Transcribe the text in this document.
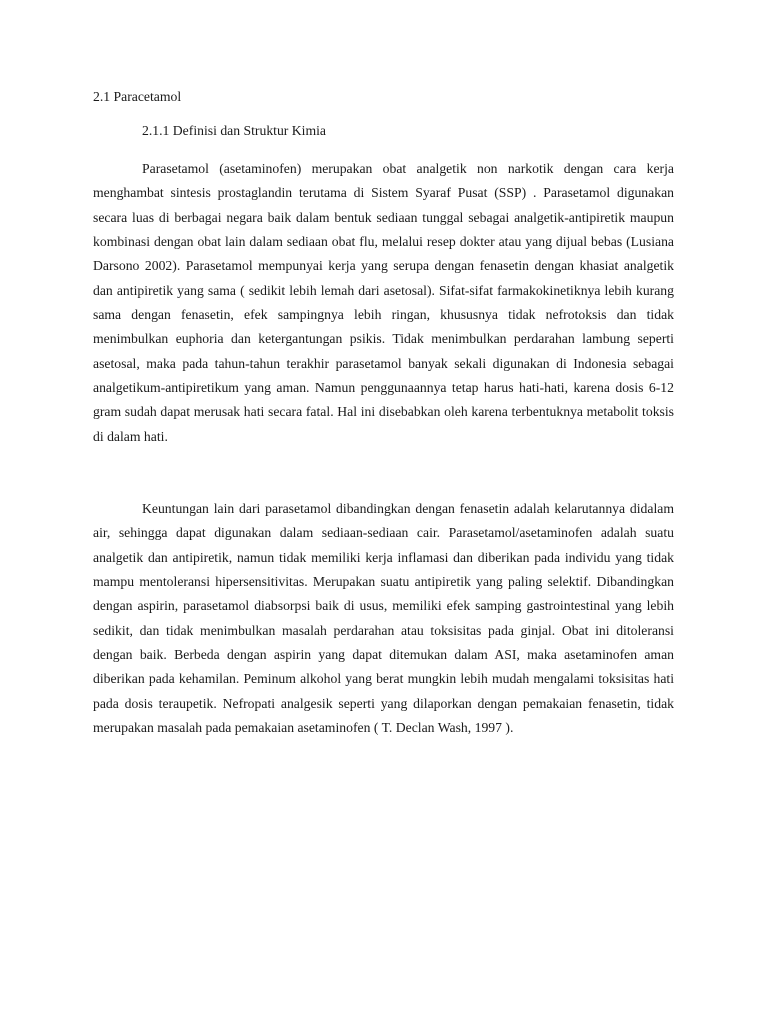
2.1 Paracetamol
2.1.1 Definisi dan Struktur Kimia

Parasetamol (asetaminofen) merupakan obat analgetik non narkotik dengan cara kerja menghambat sintesis prostaglandin terutama di Sistem Syaraf Pusat (SSP) . Parasetamol digunakan secara luas di berbagai negara baik dalam bentuk sediaan tunggal sebagai analgetik-antipiretik maupun kombinasi dengan obat lain dalam sediaan obat flu, melalui resep dokter atau yang dijual bebas (Lusiana Darsono 2002). Parasetamol mempunyai kerja yang serupa dengan fenasetin dengan khasiat analgetik dan antipiretik yang sama ( sedikit lebih lemah dari asetosal). Sifat-sifat farmakokinetiknya lebih kurang sama dengan fenasetin, efek sampingnya lebih ringan, khususnya tidak nefrotoksis dan tidak menimbulkan euphoria dan ketergantungan psikis. Tidak menimbulkan perdarahan lambung seperti asetosal, maka pada tahun-tahun terakhir parasetamol banyak sekali digunakan di Indonesia sebagai analgetikum-antipiretikum yang aman. Namun penggunaannya tetap harus hati-hati, karena dosis 6-12 gram sudah dapat merusak hati secara fatal. Hal ini disebabkan oleh karena terbentuknya metabolit toksis di dalam hati.

Keuntungan lain dari parasetamol dibandingkan dengan fenasetin adalah kelarutannya didalam air, sehingga dapat digunakan dalam sediaan-sediaan cair. Parasetamol/asetaminofen adalah suatu analgetik dan antipiretik, namun tidak memiliki kerja inflamasi dan diberikan pada individu yang tidak mampu mentoleransi hipersensitivitas. Merupakan suatu antipiretik yang paling selektif. Dibandingkan dengan aspirin, parasetamol diabsorpsi baik di usus, memiliki efek samping gastrointestinal yang lebih sedikit, dan tidak menimbulkan masalah perdarahan atau toksisitas pada ginjal. Obat ini ditoleransi dengan baik. Berbeda dengan aspirin yang dapat ditemukan dalam ASI, maka asetaminofen aman diberikan pada kehamilan. Peminum alkohol yang berat mungkin lebih mudah mengalami toksisitas hati pada dosis teraupetik. Nefropati analgesik seperti yang dilaporkan dengan pemakaian fenasetin, tidak merupakan masalah pada pemakaian asetaminofen ( T. Declan Wash, 1997 ).
